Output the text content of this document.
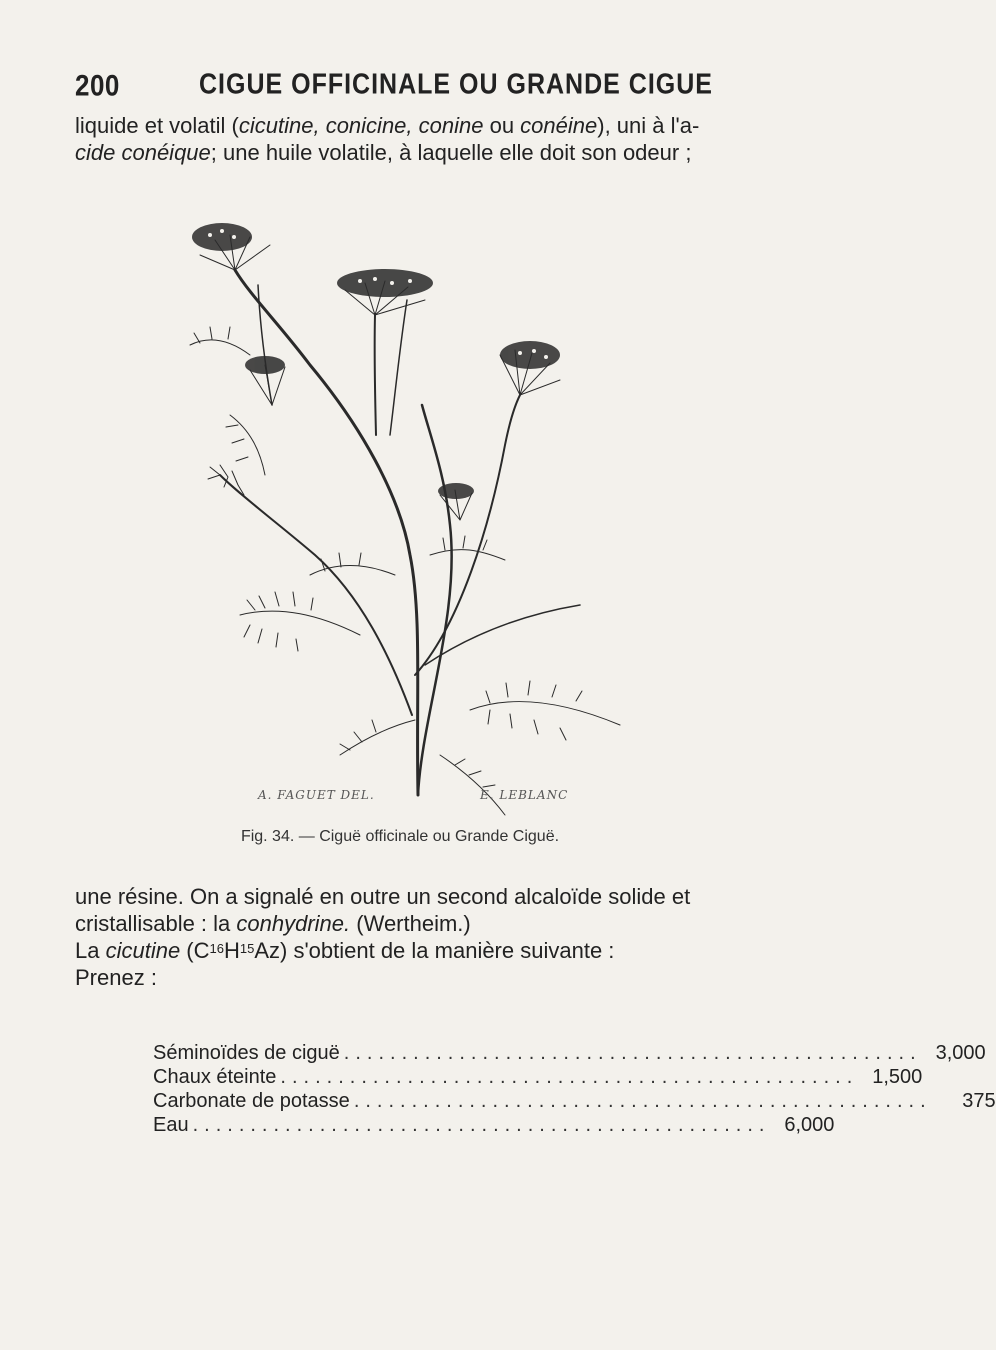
200	CIGUE OFFICINALE OU GRANDE CIGUE

liquide et volatil (cicutine, conicine, conine ou conéine), uni à l'a-
cide conéique; une huile volatile, à laquelle elle doit son odeur ;

A. FAGUET DEL.	E. LEBLANC
Fig. 34. — Ciguë officinale ou Grande Ciguë.

une résine. On a signalé en outre un second alcaloïde solide et
cristallisable : la conhydrine. (Wertheim.)
La cicutine $(C^{16}H^{15}Az)$ s'obtient de la manière suivante :
Prenez :

Séminoïdes de ciguë .................................................. 3,000
Chaux éteinte .................................................. 1,500
Carbonate de potasse ..................................................	375
Eau .................................................. 6,000
